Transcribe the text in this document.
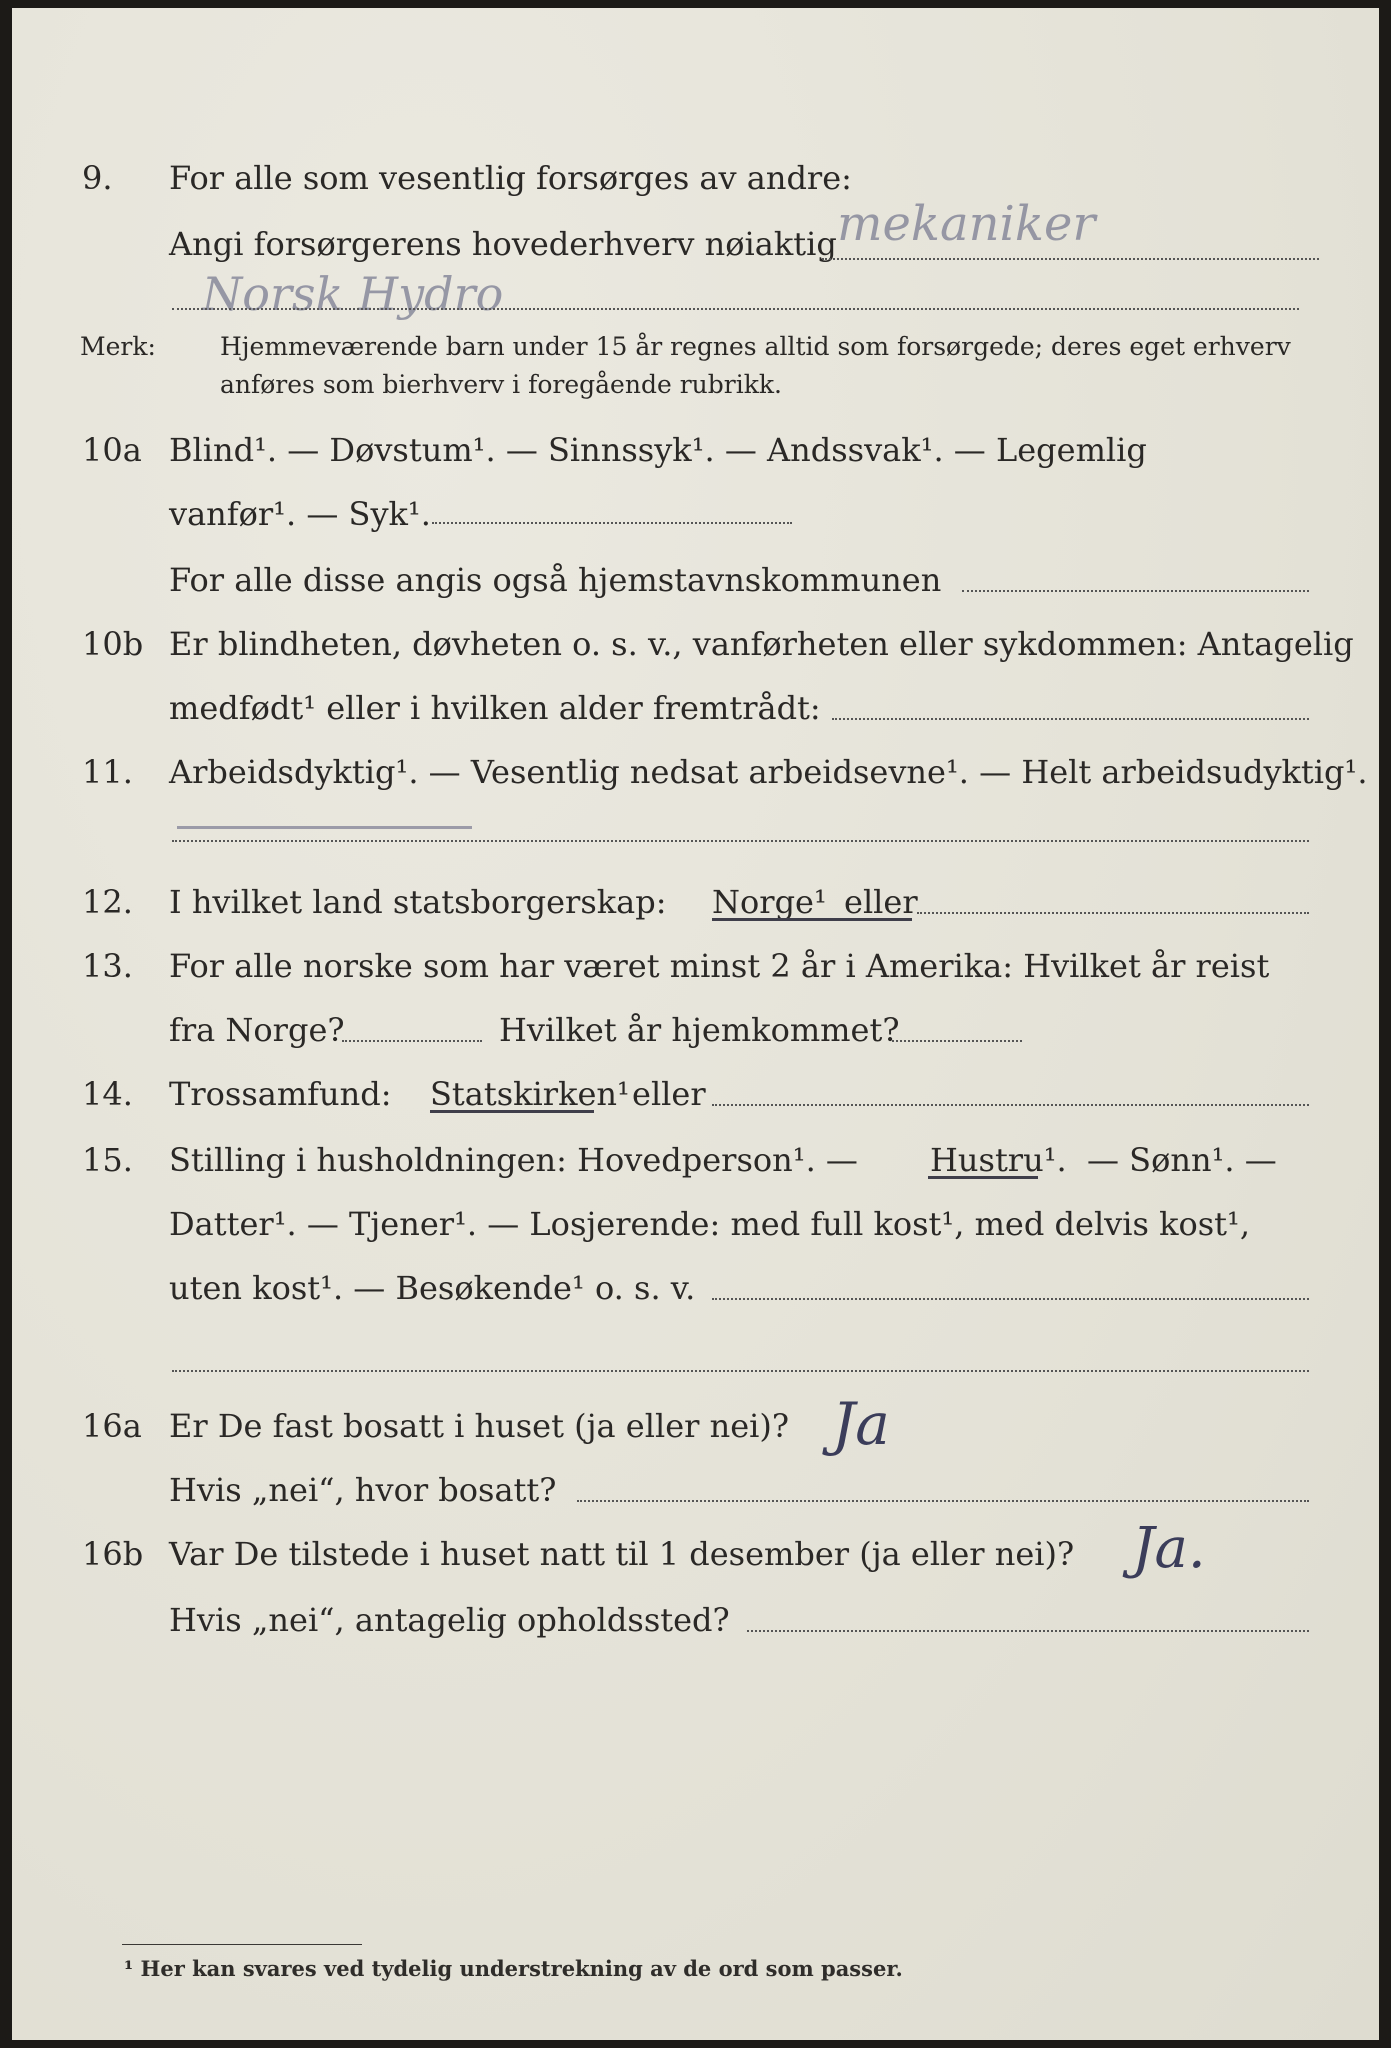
9. For alle som vesentlig forsørges av andre:
Angi forsørgerens hovederhverv nøiaktig mekaniker
Norsk Hydro
Merk:	Hjemmeværende barn under 15 år regnes alltid som forsørgede; deres eget erhverv
anføres som bierhverv i foregående rubrikk.
10a Blind¹. — Døvstum¹. — Sinnssyk¹. — Andssvak¹. — Legemlig
vanfør¹. — Syk¹.
For alle disse angis også hjemstavnskommunen
10b Er blindheten, døvheten o. s. v., vanførheten eller sykdommen: Antagelig
medfødt¹ eller i hvilken alder fremtrådt:
11. Arbeidsdyktig¹. — Vesentlig nedsat arbeidsevne¹. — Helt arbeidsudyktig¹.
12. I hvilket land statsborgerskap: Norge¹ eller
13. For alle norske som har været minst 2 år i Amerika: Hvilket år reist
fra Norge?	Hvilket år hjemkommet?
14. Trossamfund: Statskirken¹ eller
15. Stilling i husholdningen: Hovedperson¹. — Hustru¹. — Sønn¹. —
Datter¹. — Tjener¹. — Losjerende: med full kost¹, med delvis kost¹,
uten kost¹. — Besøkende¹ o. s. v.
16a Er De fast bosatt i huset (ja eller nei)? Ja
Hvis „nei“, hvor bosatt?
16b Var De tilstede i huset natt til 1 desember (ja eller nei)? Ja.
Hvis „nei“, antagelig opholdssted?
¹ Her kan svares ved tydelig understrekning av de ord som passer.
